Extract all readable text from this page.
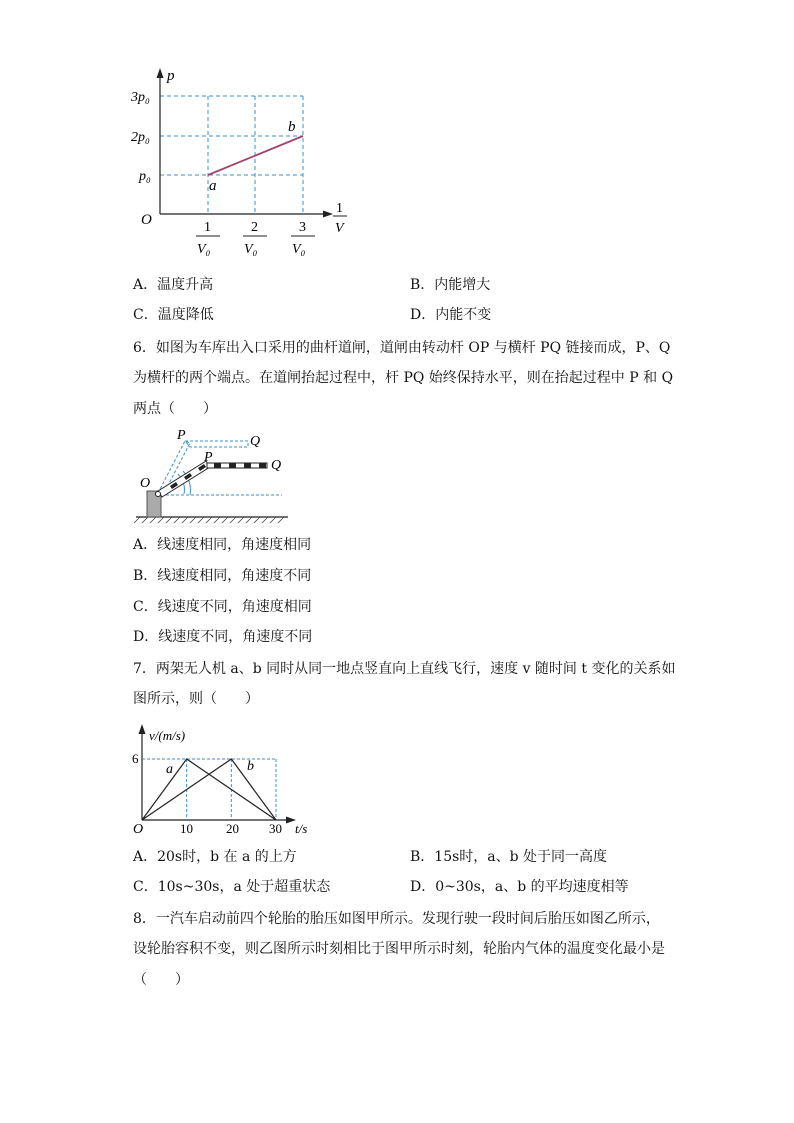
p
3p₀
2p₀
p₀
O
a
b
1
V
1
V₀
2
V₀
3
V₀
A．温度升高	B．内能增大
C．温度降低	D．内能不变
6．如图为车库出入口采用的曲杆道闸，道闸由转动杆 OP 与横杆 PQ 链接而成，P、Q
为横杆的两个端点。在道闸抬起过程中，杆 PQ 始终保持水平，则在抬起过程中 P 和 Q
两点（　　）
O
P	Q
P
Q
A．线速度相同，角速度相同
B．线速度相同，角速度不同
C．线速度不同，角速度相同
D．线速度不同，角速度不同
7．两架无人机 a、b 同时从同一地点竖直向上直线飞行，速度 v 随时间 t 变化的关系如
图所示，则（　　）
v/(m/s)
O	t/s
6
10	20 30
a	b
A．20s时，b 在 a 的上方	B．15s时，a、b 处于同一高度
C．10s~30s，a 处于超重状态	D．0~30s，a、b 的平均速度相等
8．一汽车启动前四个轮胎的胎压如图甲所示。发现行驶一段时间后胎压如图乙所示，
设轮胎容积不变，则乙图所示时刻相比于图甲所示时刻，轮胎内气体的温度变化最小是
（　　）
